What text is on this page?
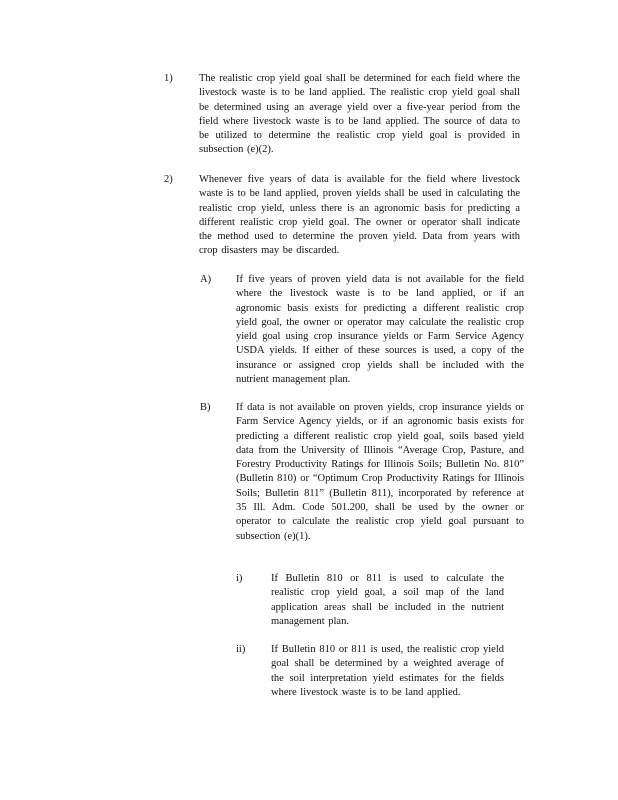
1)	The realistic crop yield goal shall be determined for each field where the livestock waste is to be land applied. The realistic crop yield goal shall be determined using an average yield over a five-year period from the field where livestock waste is to be land applied. The source of data to be utilized to determine the realistic crop yield goal is provided in subsection (e)(2).
2)	Whenever five years of data is available for the field where livestock waste is to be land applied, proven yields shall be used in calculating the realistic crop yield, unless there is an agronomic basis for predicting a different realistic crop yield goal. The owner or operator shall indicate the method used to determine the proven yield. Data from years with crop disasters may be discarded.
A) If five years of proven yield data is not available for the field where the livestock waste is to be land applied, or if an agronomic basis exists for predicting a different realistic crop yield goal, the owner or operator may calculate the realistic crop yield goal using crop insurance yields or Farm Service Agency USDA yields. If either of these sources is used, a copy of the insurance or assigned crop yields shall be included with the nutrient management plan.
B) If data is not available on proven yields, crop insurance yields or Farm Service Agency yields, or if an agronomic basis exists for predicting a different realistic crop yield goal, soils based yield data from the University of Illinois “Average Crop, Pasture, and Forestry Productivity Ratings for Illinois Soils; Bulletin No. 810” (Bulletin 810) or “Optimum Crop Productivity Ratings for Illinois Soils; Bulletin 811” (Bulletin 811), incorporated by reference at 35 Ill. Adm. Code 501.200, shall be used by the owner or operator to calculate the realistic crop yield goal pursuant to subsection (e)(1).
i)	If Bulletin 810 or 811 is used to calculate the realistic crop yield goal, a soil map of the land application areas shall be included in the nutrient management plan.
ii) If Bulletin 810 or 811 is used, the realistic crop yield goal shall be determined by a weighted average of the soil interpretation yield estimates for the fields where livestock waste is to be land applied.
